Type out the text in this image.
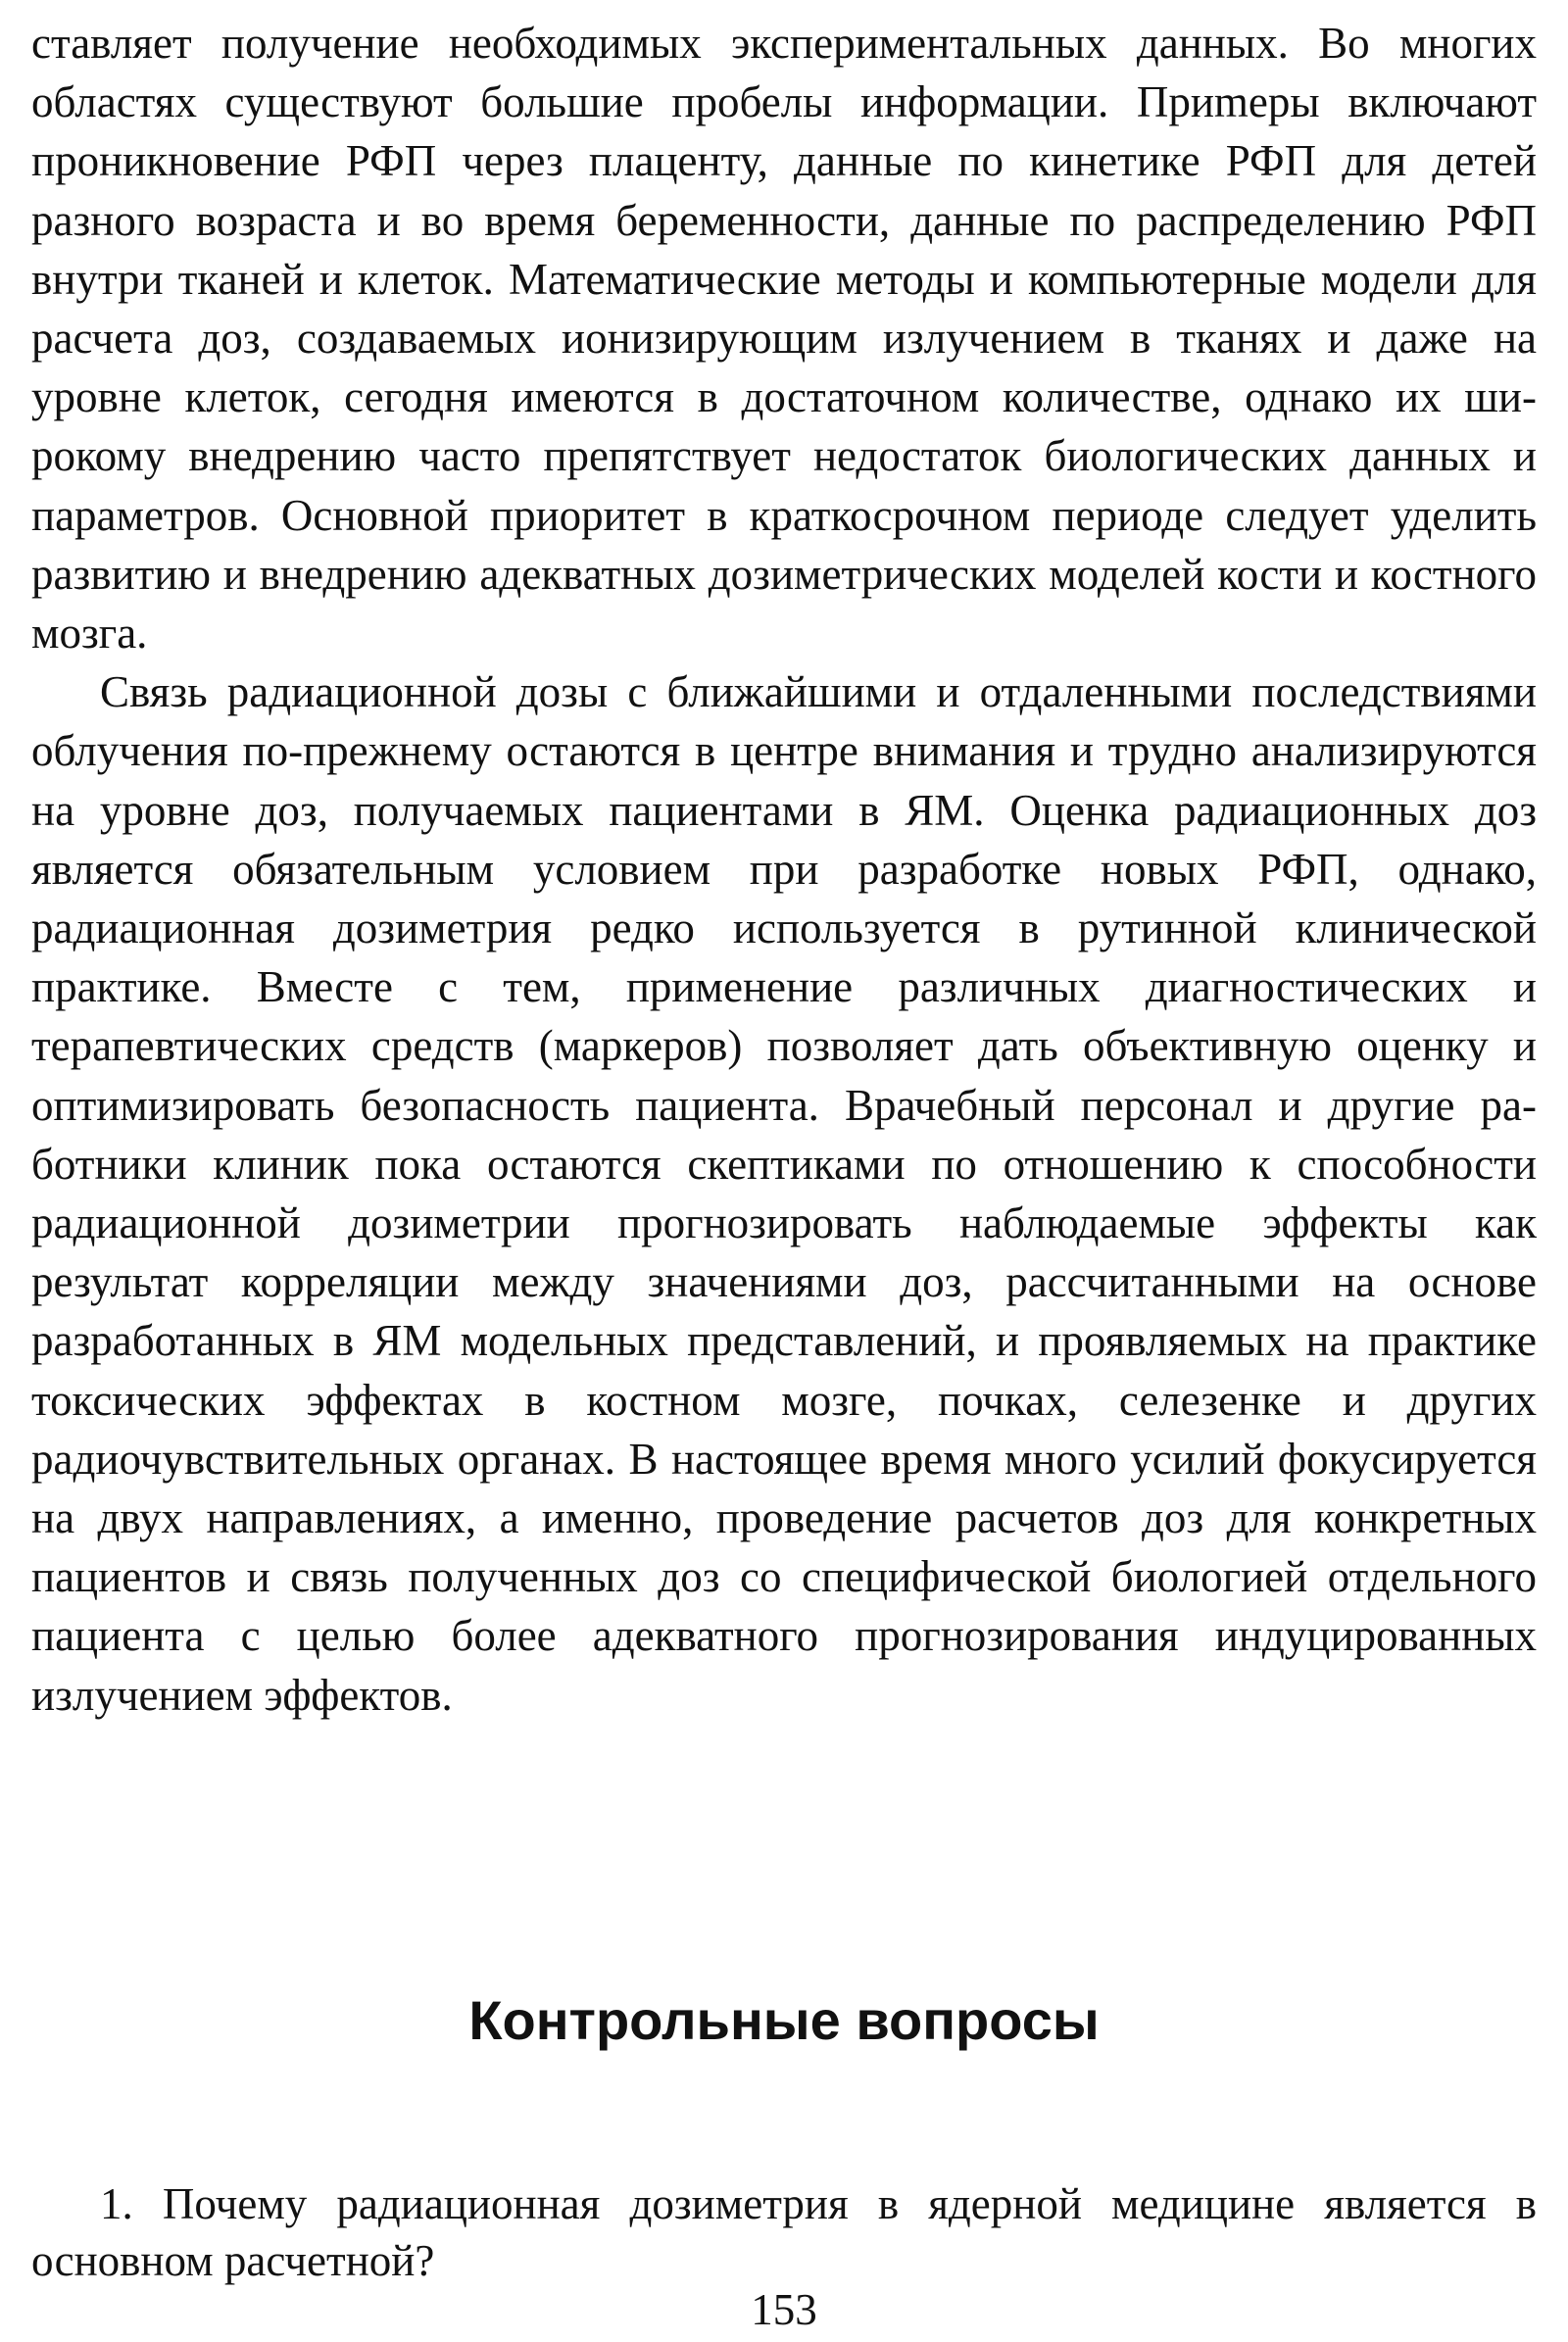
ставляет получение необходимых экспериментальных данных. Во многих областях существуют большие пробелы информации. Приmеры включают проникновение РФП через плаценту, данные по кинетике РФП для детей разного возраста и во время беременности, данные по распределению РФП внутри тканей и клеток. Математические методы и компьютерные модели для расчета доз, создаваемых ионизирующим излучением в тканях и даже на уровне клеток, сегодня имеются в достаточном количестве, однако их широкому внедрению часто препятствует недостаток биологических данных и параметров. Основной приоритет в краткосрочном периоде следует уделить развитию и внедрению адекватных дозиметрических моделей кости и костного мозга.

Связь радиационной дозы с ближайшими и отдаленными последствиями облучения по-прежнему остаются в центре внимания и трудно анализируются на уровне доз, получаемых пациентами в ЯМ. Оценка радиационных доз является обязательным условием при разработке новых РФП, однако, радиационная дозиметрия редко используется в рутинной клинической практике. Вместе с тем, применение различных диагностических и терапевтических средств (маркеров) позволяет дать объективную оценку и оптимизировать безопасность пациента. Врачебный персонал и другие работники клиник пока остаются скептиками по отношению к способности радиационной дозиметрии прогнозировать наблюдаемые эффекты как результат корреляции между значениями доз, рассчитанными на основе разработанных в ЯМ модельных представлений, и проявляемых на практике токсических эффектах в костном мозге, почках, селезенке и других радиочувствительных органах. В настоящее время много усилий фокусируется на двух направлениях, а именно, проведение расчетов доз для конкретных пациентов и связь полученных доз со специфической биологией отдельного пациента с целью более адекватного прогнозирования индуцированных излучением эффектов.

Контрольные вопросы
1. Почему радиационная дозиметрия в ядерной медицине является в основном расчетной?
153
